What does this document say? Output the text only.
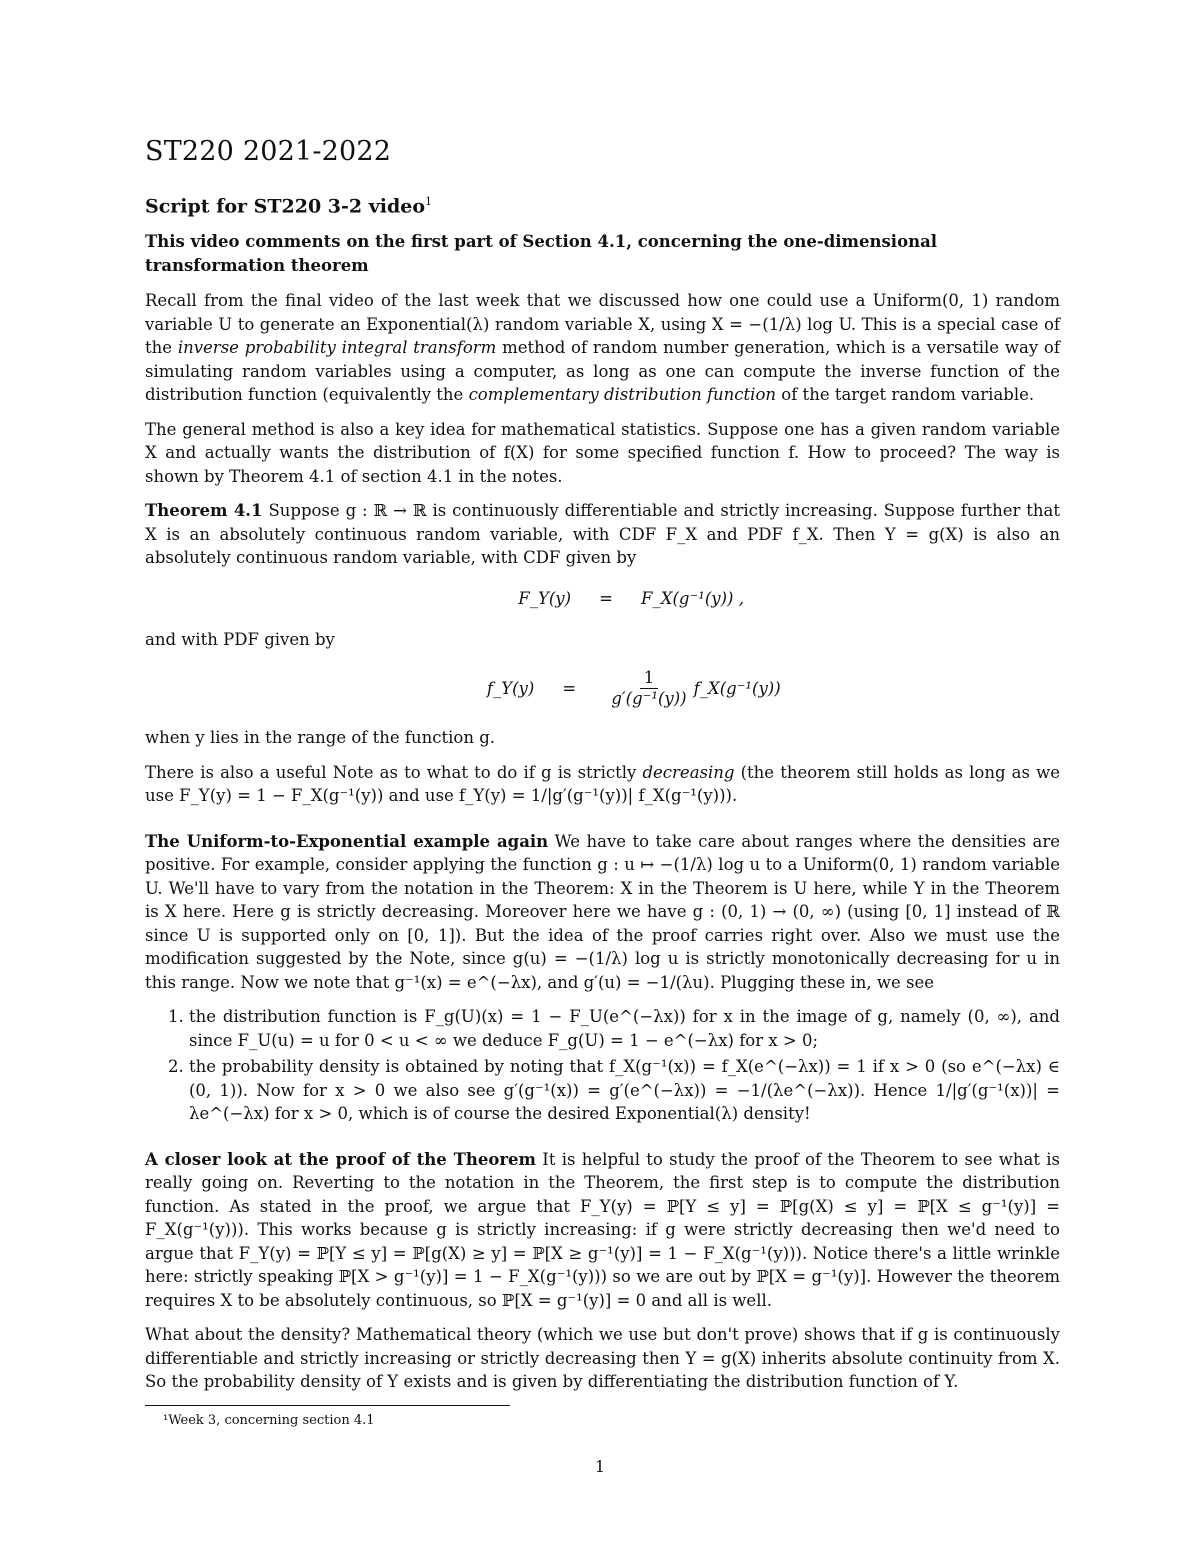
ST220 2021-2022
Script for ST220 3-2 video$^1$
This video comments on the first part of Section 4.1, concerning the one-dimensional transformation theorem

Recall from the final video of the last week that we discussed how one could use a Uniform(0, 1) random variable U to generate an Exponential(λ) random variable X, using X = −(1/λ) log U. This is a special case of the inverse probability integral transform method of random number generation, which is a versatile way of simulating random variables using a computer, as long as one can compute the inverse function of the distribution function (equivalently the complementary distribution function of the target random variable.

The general method is also a key idea for mathematical statistics. Suppose one has a given random variable X and actually wants the distribution of f(X) for some specified function f. How to proceed? The way is shown by Theorem 4.1 of section 4.1 in the notes.

Theorem 4.1 Suppose g : ℝ → ℝ is continuously differentiable and strictly increasing. Suppose further that X is an absolutely continuous random variable, with CDF F_X and PDF f_X. Then Y = g(X) is also an absolutely continuous random variable, with CDF given by

F_Y(y)	=	F_X(g⁻¹(y)) ,

and with PDF given by

f_Y(y)	=	$\frac{1}{\text{g′(g⁻¹(y))}}$ f_X(g⁻¹(y))

when y lies in the range of the function g.

There is also a useful Note as to what to do if g is strictly decreasing (the theorem still holds as long as we use F_Y(y) = 1 − F_X(g⁻¹(y)) and use f_Y(y) = 1/|g′(g⁻¹(y))| f_X(g⁻¹(y))).

The Uniform-to-Exponential example again We have to take care about ranges where the densities are positive. For example, consider applying the function g : u ↦ −(1/λ) log u to a Uniform(0, 1) random variable U. We'll have to vary from the notation in the Theorem: X in the Theorem is U here, while Y in the Theorem is X here. Here g is strictly decreasing. Moreover here we have g : (0, 1) → (0, ∞) (using [0, 1] instead of ℝ since U is supported only on [0, 1]). But the idea of the proof carries right over. Also we must use the modification suggested by the Note, since g(u) = −(1/λ) log u is strictly monotonically decreasing for u in this range. Now we note that g⁻¹(x) = e^(−λx), and g′(u) = −1/(λu). Plugging these in, we see

1. the distribution function is F_g(U)(x) = 1 − F_U(e^(−λx)) for x in the image of g, namely (0, ∞), and since F_U(u) = u for 0 < u < ∞ we deduce F_g(U) = 1 − e^(−λx) for x > 0;
2. the probability density is obtained by noting that f_X(g⁻¹(x)) = f_X(e^(−λx)) = 1 if x > 0 (so e^(−λx) ∈ (0, 1)). Now for x > 0 we also see g′(g⁻¹(x)) = g′(e^(−λx)) = −1/(λe^(−λx)). Hence 1/|g′(g⁻¹(x))| = λe^(−λx) for x > 0, which is of course the desired Exponential(λ) density!

A closer look at the proof of the Theorem It is helpful to study the proof of the Theorem to see what is really going on. Reverting to the notation in the Theorem, the first step is to compute the distribution function. As stated in the proof, we argue that F_Y(y) = ℙ[Y ≤ y] = ℙ[g(X) ≤ y] = ℙ[X ≤ g⁻¹(y)] = F_X(g⁻¹(y))). This works because g is strictly increasing: if g were strictly decreasing then we'd need to argue that F_Y(y) = ℙ[Y ≤ y] = ℙ[g(X) ≥ y] = ℙ[X ≥ g⁻¹(y)] = 1 − F_X(g⁻¹(y))). Notice there's a little wrinkle here: strictly speaking ℙ[X > g⁻¹(y)] = 1 − F_X(g⁻¹(y))) so we are out by ℙ[X = g⁻¹(y)]. However the theorem requires X to be absolutely continuous, so ℙ[X = g⁻¹(y)] = 0 and all is well.

What about the density? Mathematical theory (which we use but don't prove) shows that if g is continuously differentiable and strictly increasing or strictly decreasing then Y = g(X) inherits absolute continuity from X. So the probability density of Y exists and is given by differentiating the distribution function of Y.

¹Week 3, concerning section 4.1
1
